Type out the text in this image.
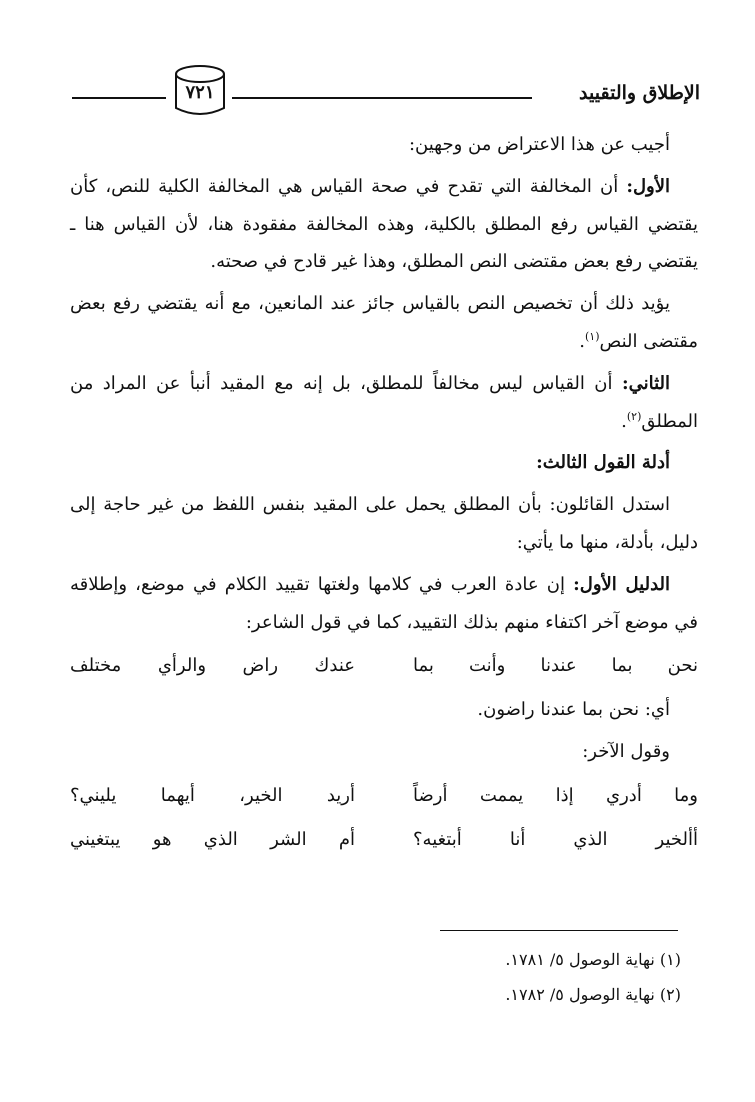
٧٢١	الإطلاق والتقييد

أجيب عن هذا الاعتراض من وجهين:

الأول: أن المخالفة التي تقدح في صحة القياس هي المخالفة الكلية للنص، كأن يقتضي القياس رفع المطلق بالكلية، وهذه المخالفة مفقودة هنا، لأن القياس هنا ـ يقتضي رفع بعض مقتضى النص المطلق، وهذا غير قادح في صحته.

يؤيد ذلك أن تخصيص النص بالقياس جائز عند المانعين، مع أنه يقتضي رفع بعض مقتضى النص$^{(١)}$.

الثاني: أن القياس ليس مخالفاً للمطلق، بل إنه مع المقيد أنبأ عن المراد من المطلق$^{(٢)}$.

أدلة القول الثالث:

استدل القائلون: بأن المطلق يحمل على المقيد بنفس اللفظ من غير حاجة إلى دليل، بأدلة، منها ما يأتي:

الدليل الأول: إن عادة العرب في كلامها ولغتها تقييد الكلام في موضع، وإطلاقه في موضع آخر اكتفاء منهم بذلك التقييد، كما في قول الشاعر:

نحن بما عندنا وأنت بما
عندك راض والرأي مختلف

أي: نحن بما عندنا راضون.

وقول الآخر:

وما أدري إذا يممت أرضاً
أريد الخير، أيهما يليني؟
أألخير الذي أنا أبتغيه؟
أم الشر الذي هو يبتغيني

(١) نهاية الوصول ٥/ ١٧٨١.

(٢) نهاية الوصول ٥/ ١٧٨٢.
